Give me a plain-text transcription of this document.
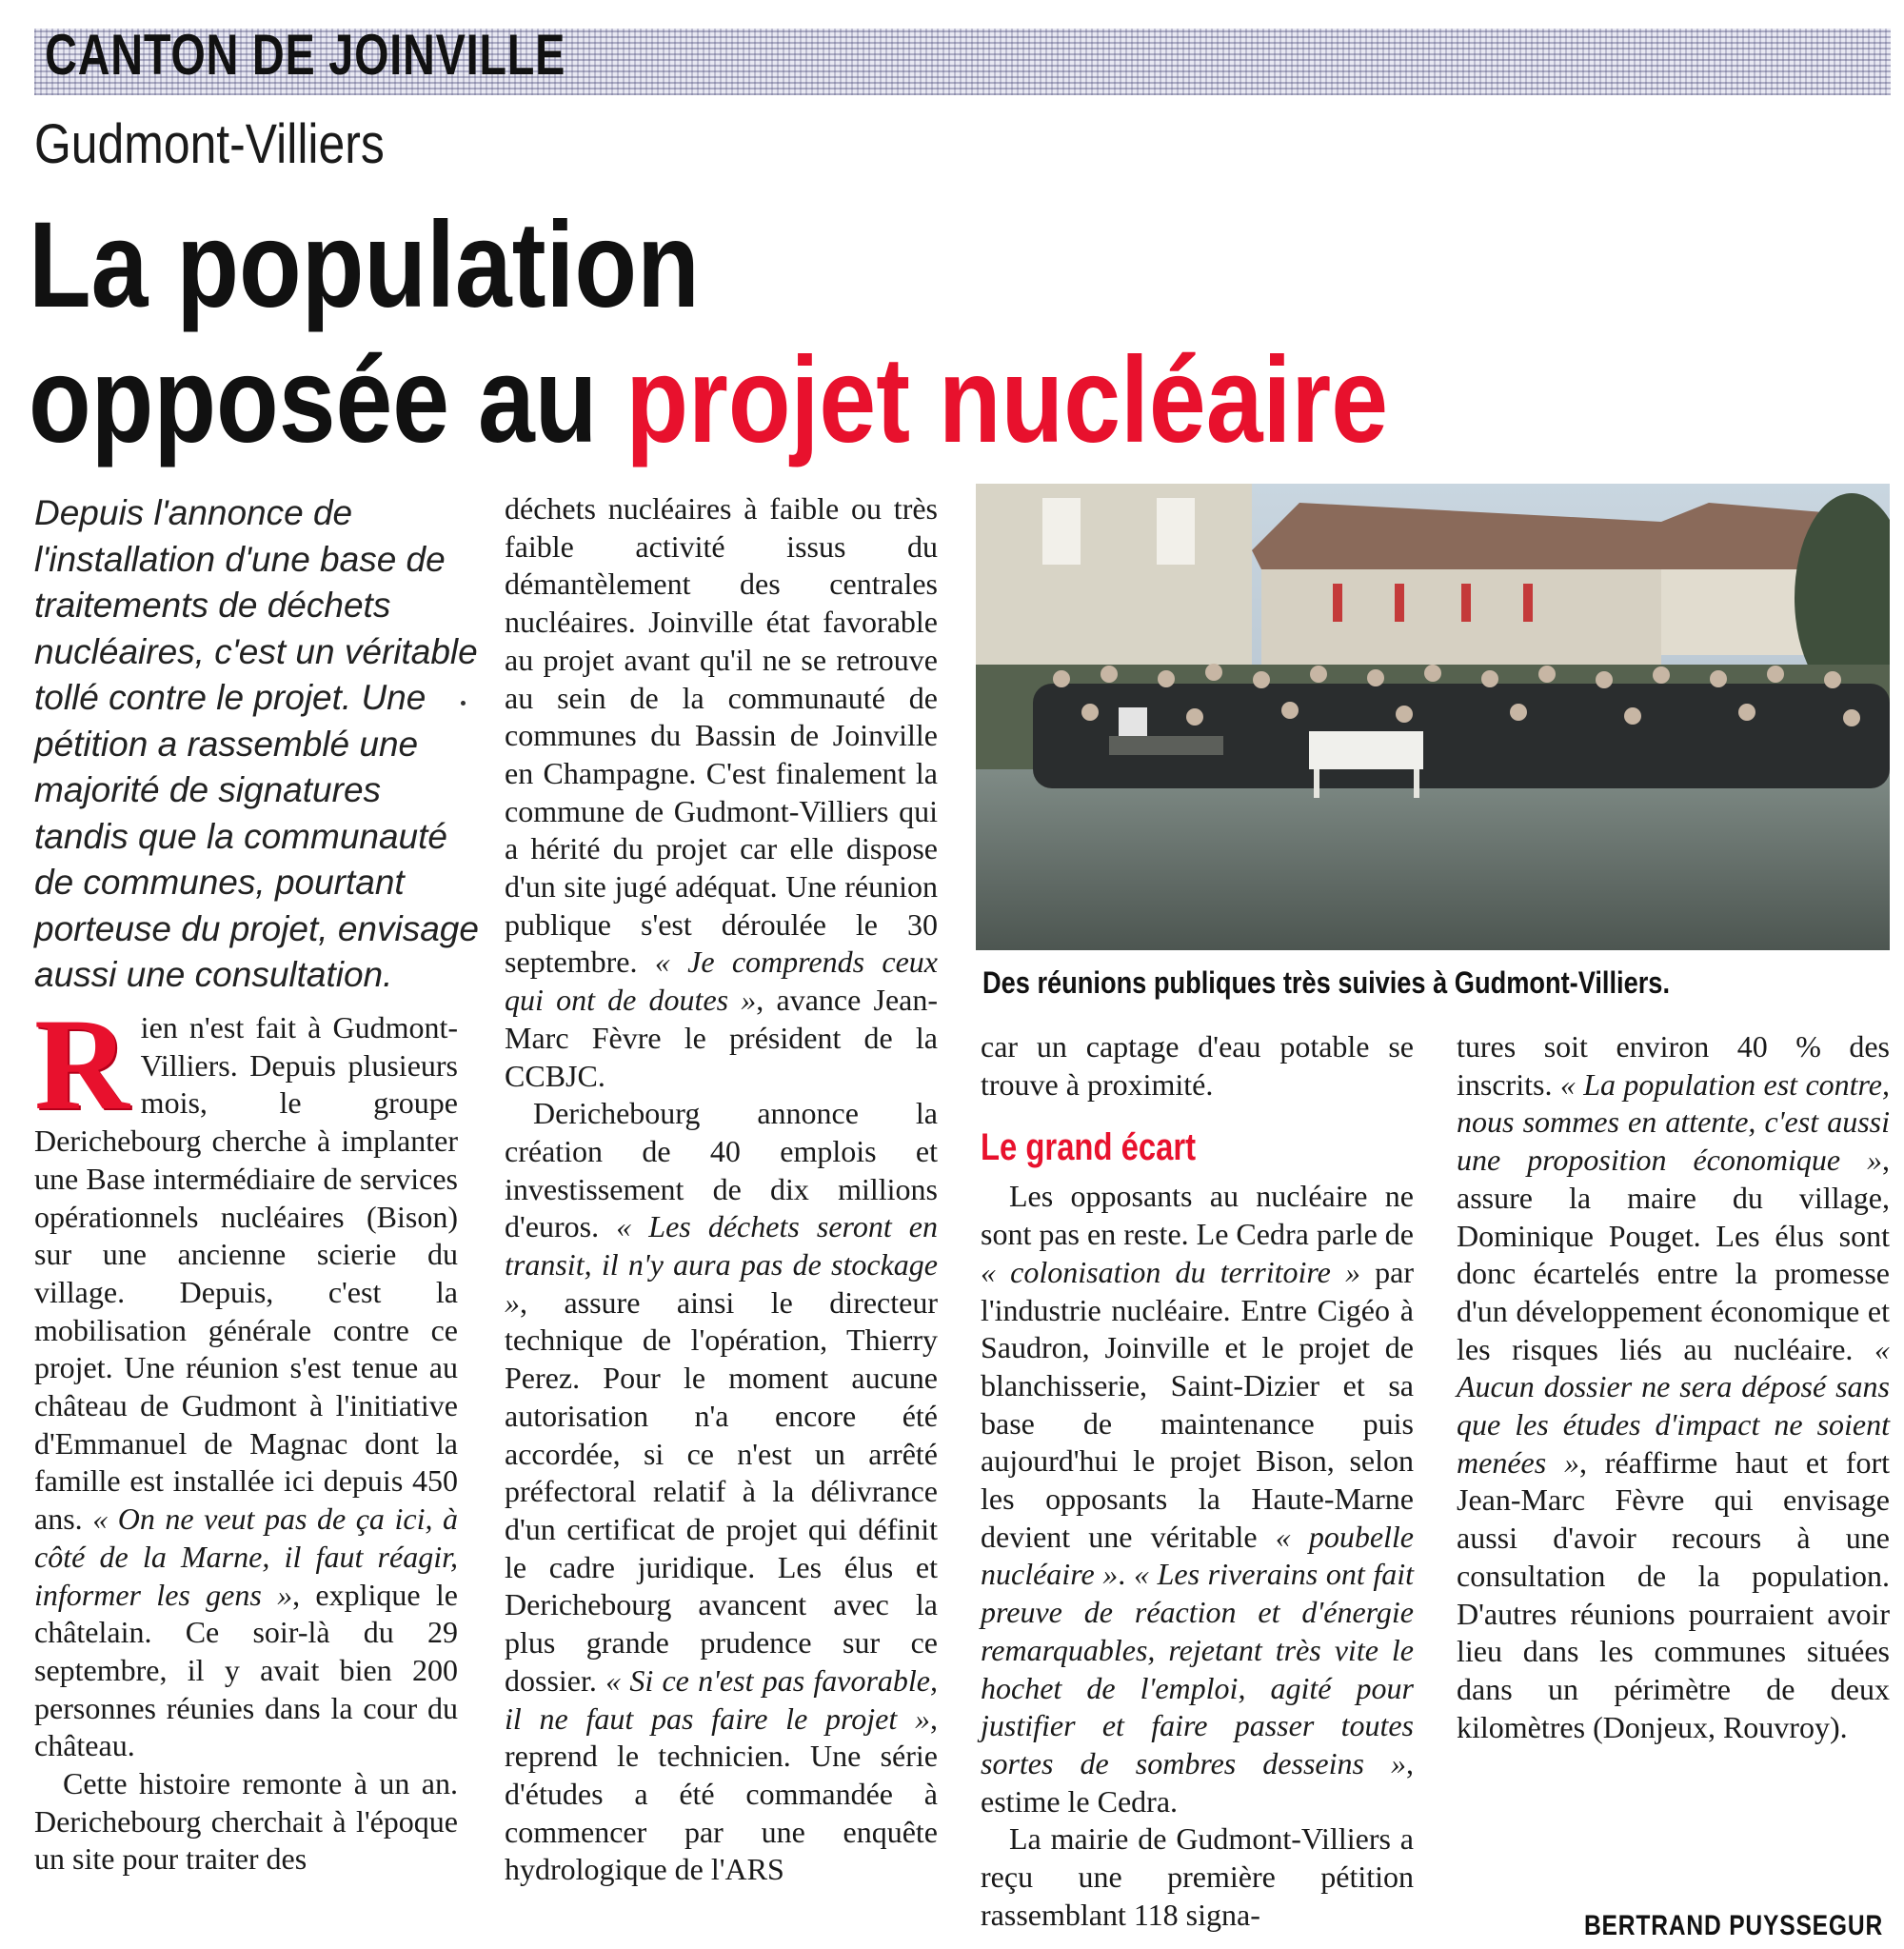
CANTON DE JOINVILLE
Gudmont-Villiers
La population
opposée au projet nucléaire
Depuis l'annonce de l'installation d'une base de traitements de déchets nucléaires, c'est un véritable tollé contre le projet. Une pétition a rassemblé une majorité de signatures tandis que la communauté de communes, pourtant porteuse du projet, envisage aussi une consultation.

Rien n'est fait à Gudmont-Villiers. Depuis plusieurs mois, le groupe Derichebourg cherche à implanter une Base intermédiaire de services opérationnels nucléaires (Bison) sur une ancienne scierie du village. Depuis, c'est la mobilisation générale contre ce projet. Une réunion s'est tenue au château de Gudmont à l'initiative d'Emmanuel de Magnac dont la famille est installée ici depuis 450 ans. « On ne veut pas de ça ici, à côté de la Marne, il faut réagir, informer les gens », explique le châtelain. Ce soir-là du 29 septembre, il y avait bien 200 personnes réunies dans la cour du château.

Cette histoire remonte à un an. Derichebourg cherchait à l'époque un site pour traiter des

déchets nucléaires à faible ou très faible activité issus du démantèlement des centrales nucléaires. Joinville état favorable au projet avant qu'il ne se retrouve au sein de la communauté de communes du Bassin de Joinville en Champagne. C'est finalement la commune de Gudmont-Villiers qui a hérité du projet car elle dispose d'un site jugé adéquat. Une réunion publique s'est déroulée le 30 septembre. « Je comprends ceux qui ont de doutes », avance Jean-Marc Fèvre le président de la CCBJC.

Derichebourg annonce la création de 40 emplois et investissement de dix millions d'euros. « Les déchets seront en transit, il n'y aura pas de stockage », assure ainsi le directeur technique de l'opération, Thierry Perez. Pour le moment aucune autorisation n'a encore été accordée, si ce n'est un arrêté préfectoral relatif à la délivrance d'un certificat de projet qui définit le cadre juridique. Les élus et Derichebourg avancent avec la plus grande prudence sur ce dossier. « Si ce n'est pas favorable, il ne faut pas faire le projet », reprend le technicien. Une série d'études a été commandée à commencer par une enquête hydrologique de l'ARS

Des réunions publiques très suivies à Gudmont-Villiers.

car un captage d'eau potable se trouve à proximité.

Le grand écart

Les opposants au nucléaire ne sont pas en reste. Le Cedra parle de « colonisation du territoire » par l'industrie nucléaire. Entre Cigéo à Saudron, Joinville et le projet de blanchisserie, Saint-Dizier et sa base de maintenance puis aujourd'hui le projet Bison, selon les opposants la Haute-Marne devient une véritable « poubelle nucléaire ». « Les riverains ont fait preuve de réaction et d'énergie remarquables, rejetant très vite le hochet de l'emploi, agité pour justifier et faire passer toutes sortes de sombres desseins », estime le Cedra.

La mairie de Gudmont-Villiers a reçu une première pétition rassemblant 118 signa-

tures soit environ 40 % des inscrits. « La population est contre, nous sommes en attente, c'est aussi une proposition économique », assure la maire du village, Dominique Pouget. Les élus sont donc écartelés entre la promesse d'un développement économique et les risques liés au nucléaire. « Aucun dossier ne sera déposé sans que les études d'impact ne soient menées », réaffirme haut et fort Jean-Marc Fèvre qui envisage aussi d'avoir recours à une consultation de la population. D'autres réunions pourraient avoir lieu dans les communes situées dans un périmètre de deux kilomètres (Donjeux, Rouvroy).

BERTRAND PUYSSEGUR
